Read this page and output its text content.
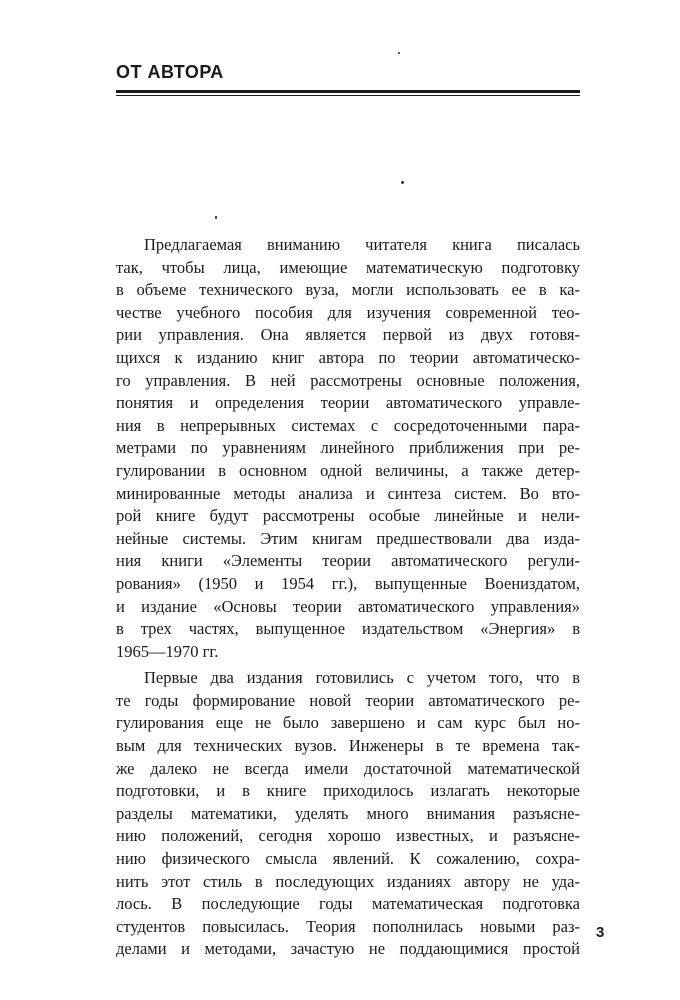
ОТ АВТОРА
Предлагаемая вниманию читателя книга писалась
так, чтобы лица, имеющие математическую подготовку
в объеме технического вуза, могли использовать ее в ка-
честве учебного пособия для изучения современной тео-
рии управления. Она является первой из двух готовя-
щихся к изданию книг автора по теории автоматическо-
го управления. В ней рассмотрены основные положения,
понятия и определения теории автоматического управле-
ния в непрерывных системах с сосредоточенными пара-
метрами по уравнениям линейного приближения при ре-
гулировании в основном одной величины, а также детер-
минированные методы анализа и синтеза систем. Во вто-
рой книге будут рассмотрены особые линейные и нели-
нейные системы. Этим книгам предшествовали два изда-
ния книги «Элементы теории автоматического регули-
рования» (1950 и 1954 гг.), выпущенные Воениздатом,
и издание «Основы теории автоматического управления»
в трех частях, выпущенное издательством «Энергия» в
1965—1970 гг.
Первые два издания готовились с учетом того, что в
те годы формирование новой теории автоматического ре-
гулирования еще не было завершено и сам курс был но-
вым для технических вузов. Инженеры в те времена так-
же далеко не всегда имели достаточной математической
подготовки, и в книге приходилось излагать некоторые
разделы математики, уделять много внимания разъяснe-
нию положений, сегодня хорошо известных, и разъяснe-
нию физического смысла явлений. К сожалению, сохра-
нить этот стиль в последующих изданиях автору не уда-
лось. В последующие годы математическая подготовка
студентов повысилась. Теория пополнилась новыми раз-
делами и методами, зачастую не поддающимися простой
3
